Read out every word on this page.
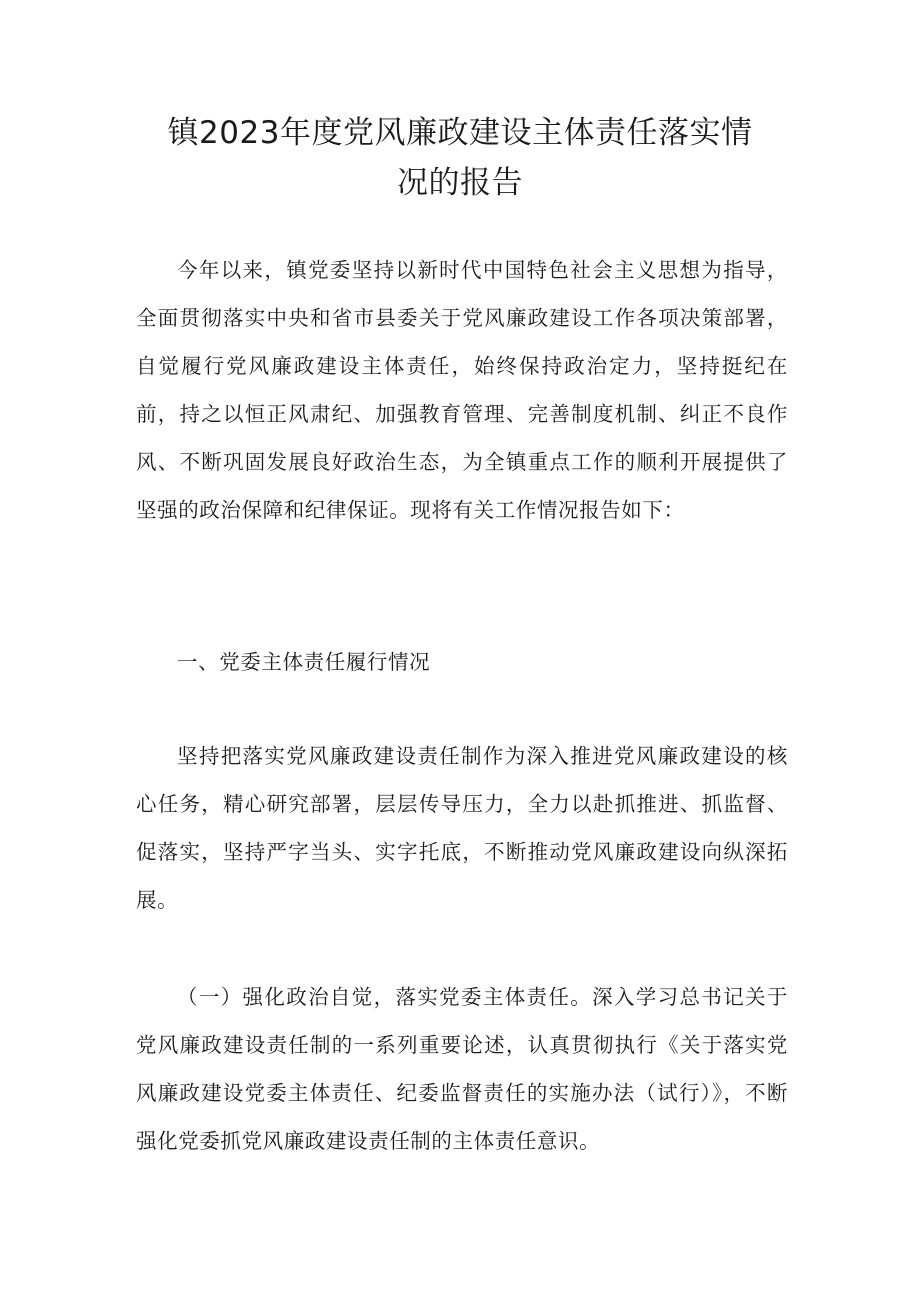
镇2023年度党风廉政建设主体责任落实情
况的报告
今年以来，镇党委坚持以新时代中国特色社会主义思想为指导，全面贯彻落实中央和省市县委关于党风廉政建设工作各项决策部署，自觉履行党风廉政建设主体责任，始终保持政治定力，坚持挺纪在前，持之以恒正风肃纪、加强教育管理、完善制度机制、纠正不良作风、不断巩固发展良好政治生态，为全镇重点工作的顺利开展提供了坚强的政治保障和纪律保证。现将有关工作情况报告如下：
一、党委主体责任履行情况
坚持把落实党风廉政建设责任制作为深入推进党风廉政建设的核心任务，精心研究部署，层层传导压力，全力以赴抓推进、抓监督、促落实，坚持严字当头、实字托底，不断推动党风廉政建设向纵深拓展。
（一）强化政治自觉，落实党委主体责任。深入学习总书记关于党风廉政建设责任制的一系列重要论述，认真贯彻执行《关于落实党风廉政建设党委主体责任、纪委监督责任的实施办法（试行）》，不断强化党委抓党风廉政建设责任制的主体责任意识。
